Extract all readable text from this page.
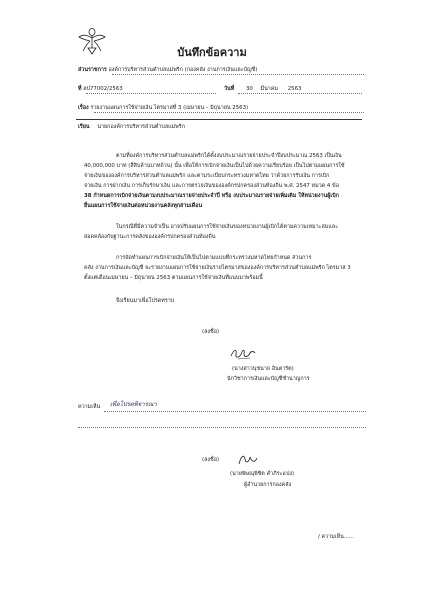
บันทึกข้อความ
ส่วนราชการ องค์การบริหารส่วนตำบลแม่พริก (กองคลัง งานการเงินและบัญชี)
ที่ ลป77002/2563	วันที่ 30 มีนาคม 2563
เรื่อง รายงานแผนการใช้จ่ายเงิน ไตรมาสที่ 3 (เมษายน – มิถุนายน 2563)
เรียน นายกองค์การบริหารส่วนตำบลแม่พริก
ตามที่องค์การบริหารส่วนตำบลแม่พริกได้ตั้งงบประมาณรายจ่ายประจำปีงบประมาณ 2563 เป็นเงิน
40,000,000 บาท (สี่สิบล้านบาทถ้วน) นั้น เพื่อให้การเบิกจ่ายเงินเป็นไปด้วยความเรียบร้อย เป็นไปตามแผนการใช้
จ่ายเงินขององค์การบริหารส่วนตำบลแม่พริก และตามระเบียบกระทรวงมหาดไทย ว่าด้วยการรับเงิน การเบิก
จ่ายเงิน การฝากเงิน การเก็บรักษาเงิน และการตรวจเงินขององค์กรปกครองส่วนท้องถิ่น พ.ศ. 2547 หมวด 4 ข้อ
38 กำหนดการเบิกจ่ายเงินตามงบประมาณรายจ่ายประจำปี หรือ งบประมาณรายจ่ายเพิ่มเติม ให้หน่วยงานผู้เบิก
ยื่นแผนการใช้จ่ายเงินต่อหน่วยงานคลังทุกสามเดือน
ในกรณีที่มีความจำเป็น อาจปรับแผนการใช้จ่ายเงินของหน่วยงานผู้เบิกได้ตามความเหมาะสมและ
สอดคล้องกับฐานะการคลังขององค์กรปกครองส่วนท้องถิ่น
การจัดทำแผนการเบิกจ่ายเงินให้เป็นไปตามแบบที่กระทรวงมหาดไทยกำหนด ส่วนการ
คลัง งานการเงินและบัญชี จะรายงานแผนการใช้จ่ายเงินรายไตรมาสขององค์การบริหารส่วนตำบลแม่พริก ไตรมาส 3
ตั้งแต่เดือนเมษายน – มิถุนายน 2563 ตามแผนการใช้จ่ายเงินที่แนบมาพร้อมนี้
จึงเรียนมาเพื่อโปรดทราบ
(ลงชื่อ)
(นางสาวนุชนาถ อินตารัต)
นักวิชาการเงินและบัญชีชำนาญการ
ความเห็น เพื่อโปรดพิจารณา
(ลงชื่อ)
(นายพิษณุพิชิต คำภิระแปง)
ผู้อำนวยการกองคลัง
/ ความเห็น......
